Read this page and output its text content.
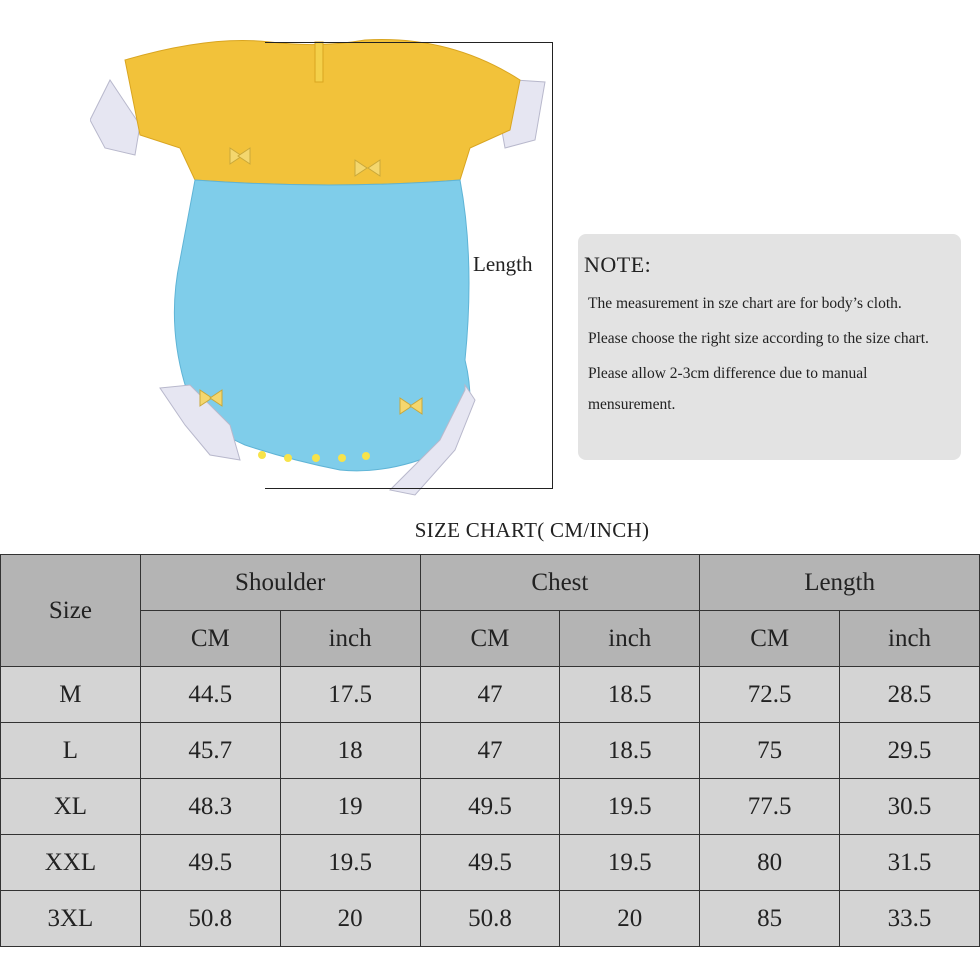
Length NOTE:

The measurement in sze chart are for body’s cloth.

Please choose the right size according to the size chart.

Please allow 2-3cm difference due to manual mensurement.

SIZE CHART( CM/INCH)
Size	Shoulder		Chest		Length	
	CM	inch	CM	inch	CM	inch
M	44.5	17.5	47	18.5	72.5	28.5
L	45.7	18	47	18.5	75	29.5
XL	48.3	19	49.5	19.5	77.5	30.5
XXL	49.5	19.5	49.5	19.5	80	31.5
3XL	50.8	20	50.8	20	85	33.5
